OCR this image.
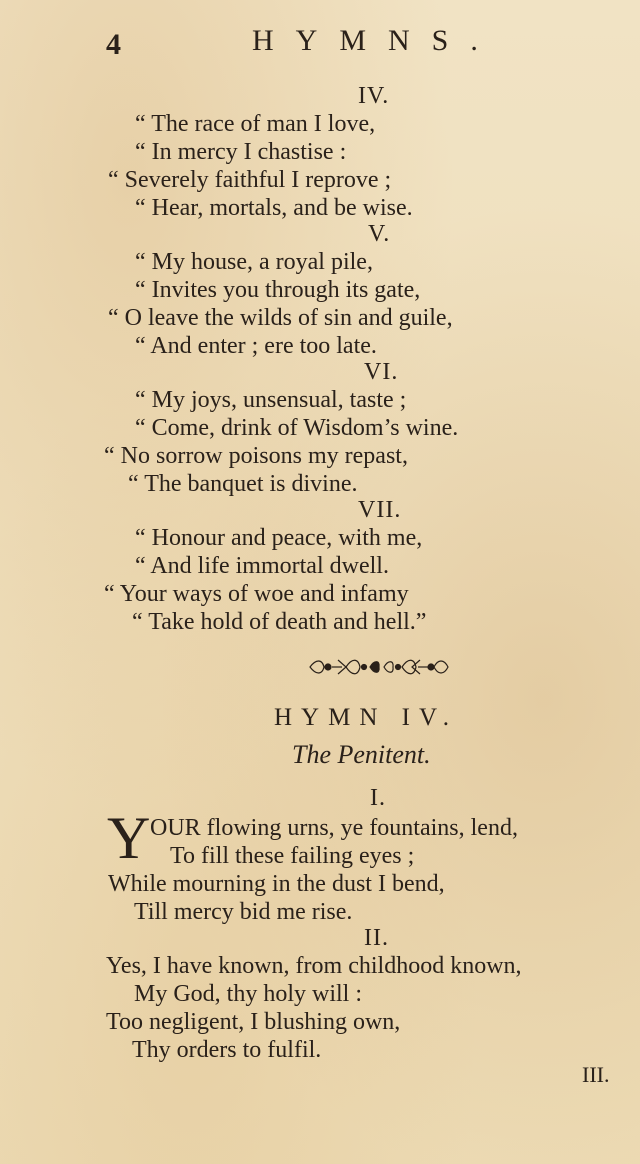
4	HYMNS.
IV.
“ The race of man I love,
“ In mercy I chastise :
“ Severely faithful I reprove ;
“ Hear, mortals, and be wise.
V.
“ My house, a royal pile,
“ Invites you through its gate,
“ O leave the wilds of sin and guile,
“ And enter ; ere too late.
VI.
“ My joys, unsensual, taste ;
“ Come, drink of Wisdom’s wine.
“ No sorrow poisons my repast,
“ The banquet is divine.
VII.
“ Honour and peace, with me,
“ And life immortal dwell.
“ Your ways of woe and infamy
“ Take hold of death and hell.”
HYMN IV.
The Penitent.
I.
Y OUR flowing urns, ye fountains, lend,
To fill these failing eyes ;
While mourning in the dust I bend,
Till mercy bid me rise.
II.
Yes, I have known, from childhood known,
My God, thy holy will :
Too negligent, I blushing own,
Thy orders to fulfil.
III.
